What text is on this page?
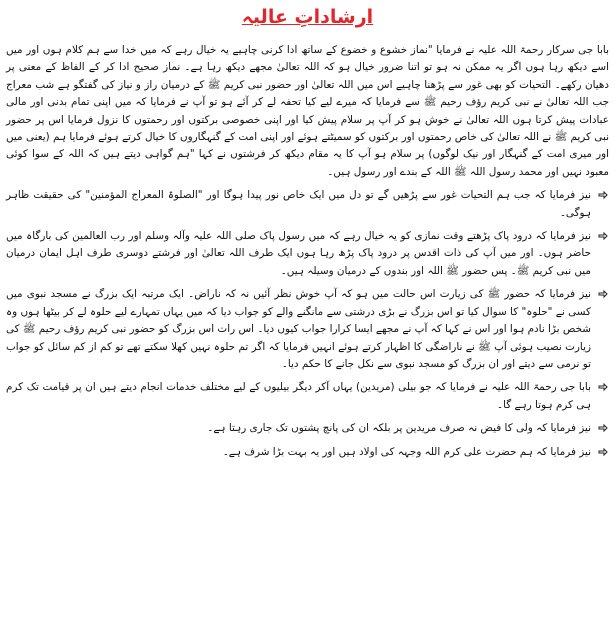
ارشاداتِ عالیہ

بابا جی سرکار رحمۃ اللہ علیہ نے فرمایا "نماز خشوع و خضوع کے ساتھ ادا کرنی چاہیے یہ خیال رہے کہ میں خدا سے ہم کلام ہوں اور میں اسے دیکھ رہا ہوں اگر یہ ممکن نہ ہو تو اتنا ضرور خیال ہو کہ اللہ تعالیٰ مجھے دیکھ رہا ہے۔ نماز صحیح ادا کر کے الفاظ کے معنی پر دھیان رکھے۔ التحیات کو بھی غور سے پڑھنا چاہیے اس میں اللہ تعالیٰ اور حضور نبی کریم ﷺ کے درمیان راز و نیاز کی گفتگو ہے شب معراج جب اللہ تعالیٰ نے نبی کریم رؤف رحیم ﷺ سے فرمایا کہ میرے لیے کیا تحفہ لے کر آئے ہو تو آپ نے فرمایا کہ میں اپنی تمام بدنی اور مالی عبادات پیش کرتا ہوں اللہ تعالیٰ نے خوش ہو کر آپ پر سلام پیش کیا اور اپنی خصوصی برکتوں اور رحمتوں کا نزول فرمایا اس پر حضور نبی کریم ﷺ نے اللہ تعالیٰ کی خاص رحمتوں اور برکتوں کو سمیٹتے ہوئے اور اپنی امت کے گنہگاروں کا خیال کرتے ہوئے فرمایا ہم (یعنی میں اور میری امت کے گنہگار اور نیک لوگوں) پر سلام ہو آپ کا یہ مقام دیکھ کر فرشتوں نے کہا "ہم گواہی دیتے ہیں کہ اللہ کے سوا کوئی معبود نہیں اور محمد رسول اللہ ﷺ اللہ کے بندے اور رسول ہیں۔

نیز فرمایا کہ جب ہم التحیات غور سے پڑھیں گے تو دل میں ایک خاص نور پیدا ہوگا اور "الصلوۃ المعراج المؤمنین" کی حقیقت ظاہر ہوگی۔
نیز فرمایا کہ درود پاک پڑھتے وقت نمازی کو یہ خیال رہے کہ میں رسول پاک صلی اللہ علیہ وآلہ وسلم اور رب العالمین کی بارگاہ میں حاضر ہوں۔ اور میں آپ کی ذات اقدس پر درود پاک پڑھ رہا ہوں ایک طرف اللہ تعالیٰ اور فرشتے دوسری طرف اہل ایمان درمیان میں نبی کریم ﷺ۔ پس حضور ﷺ اللہ اور بندوں کے درمیان وسیلہ ہیں۔
نیز فرمایا کہ حضور ﷺ کی زیارت اس حالت میں ہو کہ آپ خوش نظر آئیں نہ کہ ناراض۔ ایک مرتبہ ایک بزرگ نے مسجد نبوی میں کسی نے "حلوہ" کا سوال کیا تو اس بزرگ نے بڑی درشتی سے مانگنے والے کو جواب دیا کہ میں یہاں تمہارے لیے حلوہ لے کر بیٹھا ہوں وہ شخص بڑا نادم ہوا اور اس نے کہا کہ آپ نے مجھے ایسا کرارا جواب کیوں دیا۔ اس رات اس بزرگ کو حضور نبی کریم رؤف رحیم ﷺ کی زیارت نصیب ہوئی آپ ﷺ نے ناراضگی کا اظہار کرتے ہوئے انہیں فرمایا کہ اگر تم حلوہ نہیں کھلا سکتے تھے تو کم از کم سائل کو جواب تو نرمی سے دیتے اور ان بزرگ کو مسجد نبوی سے نکل جانے کا حکم دیا۔
بابا جی رحمۃ اللہ علیہ نے فرمایا کہ جو بیلی (مریدین) یہاں آکر دیگر بیلیوں کے لیے مختلف خدمات انجام دیتے ہیں ان پر قیامت تک کرم ہی کرم ہوتا رہے گا۔
نیز فرمایا کہ ولی کا فیض نہ صرف مریدین پر بلکہ ان کی پانچ پشتوں تک جاری رہتا ہے۔
نیز فرمایا کہ ہم حضرت علی کرم اللہ وجہہ کی اولاد ہیں اور یہ بہت بڑا شرف ہے۔
